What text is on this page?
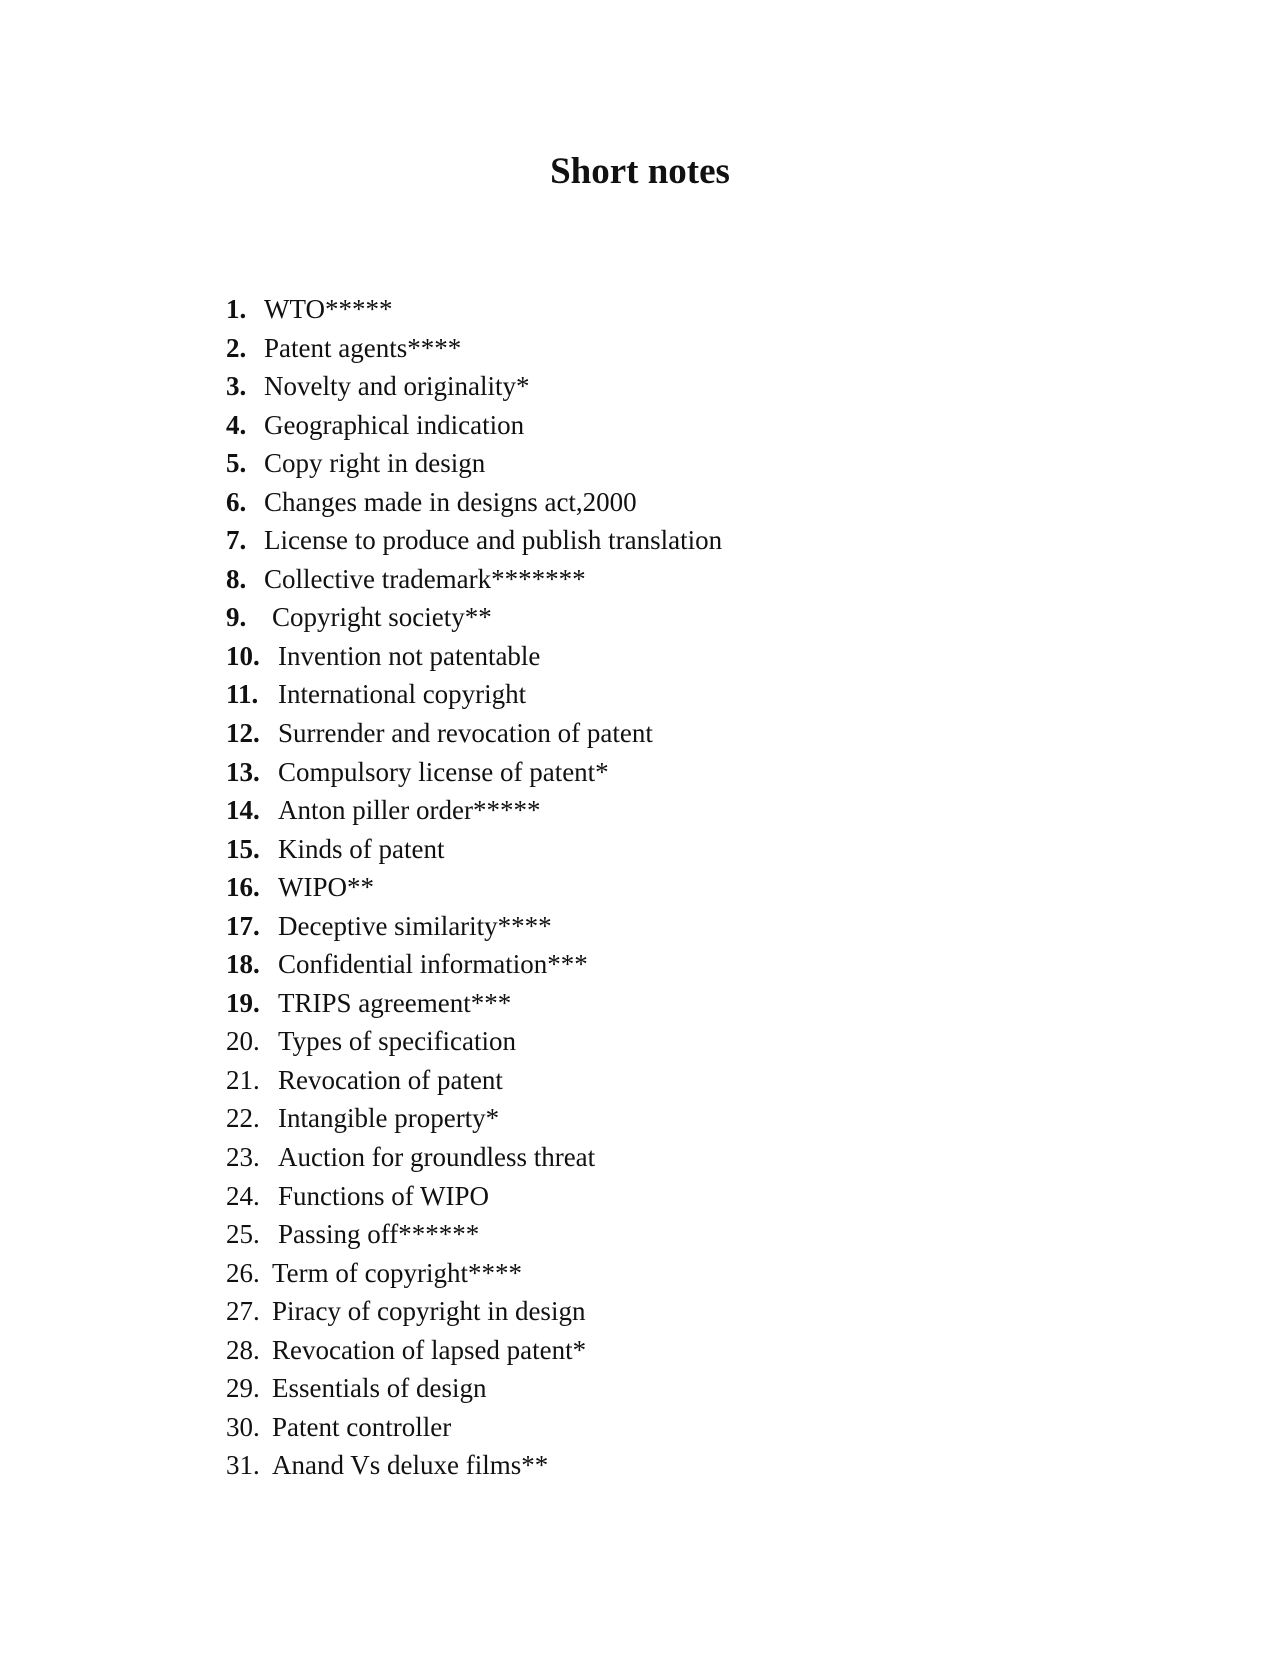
Short notes
1. WTO*****
2. Patent agents****
3. Novelty and originality*
4. Geographical indication
5. Copy right in design
6. Changes made in designs act,2000
7. License to produce and publish translation
8. Collective trademark*******
9. Copyright society**
10. Invention not patentable
11. International copyright
12. Surrender and revocation of patent
13. Compulsory license of patent*
14. Anton piller order*****
15. Kinds of patent
16. WIPO**
17. Deceptive similarity****
18. Confidential information***
19. TRIPS agreement***
20. Types of specification
21. Revocation of patent
22. Intangible property*
23. Auction for groundless threat
24. Functions of WIPO
25. Passing off******
26. Term of copyright****
27. Piracy of copyright in design
28. Revocation of lapsed patent*
29. Essentials of design
30. Patent controller
31. Anand Vs deluxe films**
